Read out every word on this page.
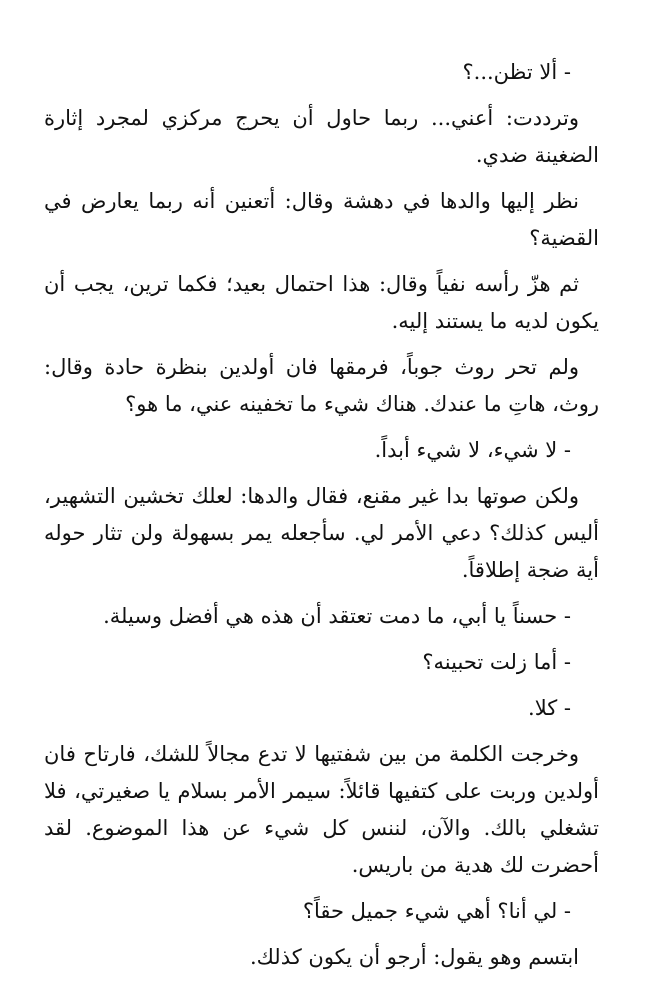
- ألا تظن...؟

وترددت: أعني... ربما حاول أن يحرج مركزي لمجرد إثارة الضغينة ضدي.

نظر إليها والدها في دهشة وقال: أتعنين أنه ربما يعارض في القضية؟

ثم هزّ رأسه نفياً وقال: هذا احتمال بعيد؛ فكما ترين، يجب أن يكون لديه ما يستند إليه.

ولم تحر روث جوباً، فرمقها فان أولدين بنظرة حادة وقال: روث، هاتِ ما عندك. هناك شيء ما تخفينه عني، ما هو؟

- لا شيء، لا شيء أبداً.

ولكن صوتها بدا غير مقنع، فقال والدها: لعلك تخشين التشهير، أليس كذلك؟ دعي الأمر لي. سأجعله يمر بسهولة ولن تثار حوله أية ضجة إطلاقاً.

- حسناً يا أبي، ما دمت تعتقد أن هذه هي أفضل وسيلة.

- أما زلت تحبينه؟

- كلا.

وخرجت الكلمة من بين شفتيها لا تدع مجالاً للشك، فارتاح فان أولدين وربت على كتفيها قائلاً: سيمر الأمر بسلام يا صغيرتي، فلا تشغلي بالك. والآن، لننس كل شيء عن هذا الموضوع. لقد أحضرت لك هدية من باريس.

- لي أنا؟ أهي شيء جميل حقاً؟

ابتسم وهو يقول: أرجو أن يكون كذلك.
